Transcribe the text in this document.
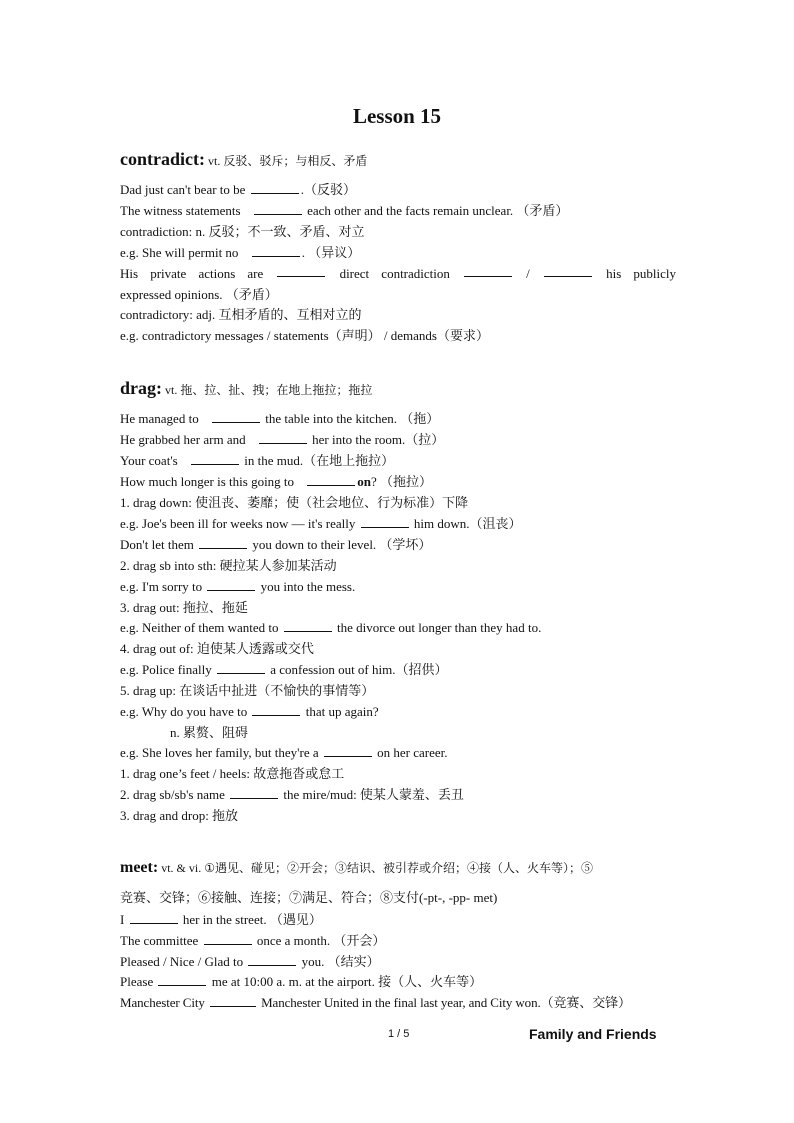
Lesson 15
contradict: vt. 反驳、驳斥；与相反、矛盾
Dad just can't bear to be	.（反驳）
The witness statements	each other and the facts remain unclear. （矛盾）
contradiction: n. 反驳；不一致、矛盾、对立
e.g. She will permit no	. （异议）
His private actions are	direct contradiction	/	his publicly
expressed opinions. （矛盾）
contradictory: adj. 互相矛盾的、互相对立的
e.g. contradictory messages / statements（声明） / demands（要求）
drag: vt. 拖、拉、扯、拽；在地上拖拉；拖拉
He managed to	the table into the kitchen. （拖）
He grabbed her arm and	her into the room.（拉）
Your coat's	in the mud.（在地上拖拉）
How much longer is this going to	on? （拖拉）
1. drag down: 使沮丧、萎靡；使（社会地位、行为标准）下降
e.g. Joe's been ill for weeks now — it's really	him down.（沮丧）
Don't let them	you down to their level. （学坏）
2. drag sb into sth: 硬拉某人参加某活动
e.g. I'm sorry to	you into the mess.
3. drag out: 拖拉、拖延
e.g. Neither of them wanted to	the divorce out longer than they had to.
4. drag out of: 迫使某人透露或交代
e.g. Police finally	a confession out of him.（招供）
5. drag up: 在谈话中扯进（不愉快的事情等）
e.g. Why do you have to	that up again?
n. 累赘、阻碍
e.g. She loves her family, but they're a	on her career.
1. drag one’s feet / heels: 故意拖沓或怠工
2. drag sb/sb's name	the mire/mud: 使某人蒙羞、丢丑
3. drag and drop: 拖放
meet: vt. & vi. ①遇见、碰见；②开会；③结识、被引荐或介绍；④接（人、火车等）；⑤
竞赛、交锋；⑥接触、连接；⑦满足、符合；⑧支付(-pt-, -pp- met)
I	her in the street. （遇见）
The committee	once a month. （开会）
Pleased / Nice / Glad to	you. （结实）
Please	me at 10:00 a. m. at the airport. 接（人、火车等）
Manchester City	Manchester United in the final last year, and City won.（竞赛、交锋）
1 / 5	Family and Friends
